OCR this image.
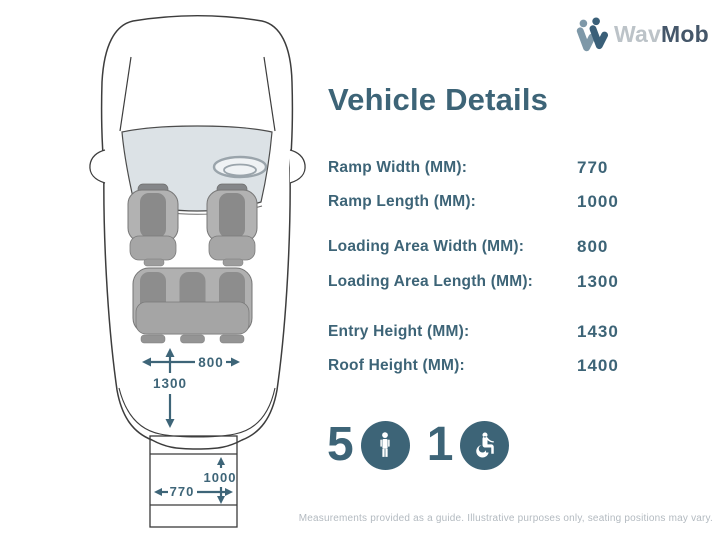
800
1300
1000
770
WavMob
Vehicle Details
Ramp Width (MM):	770
Ramp Length (MM):	1000
Loading Area Width (MM):	800
Loading Area Length (MM):	1300
Entry Height (MM):	1430
Roof Height (MM):	1400
5 1
Measurements provided as a guide. Illustrative purposes only, seating positions may vary.
